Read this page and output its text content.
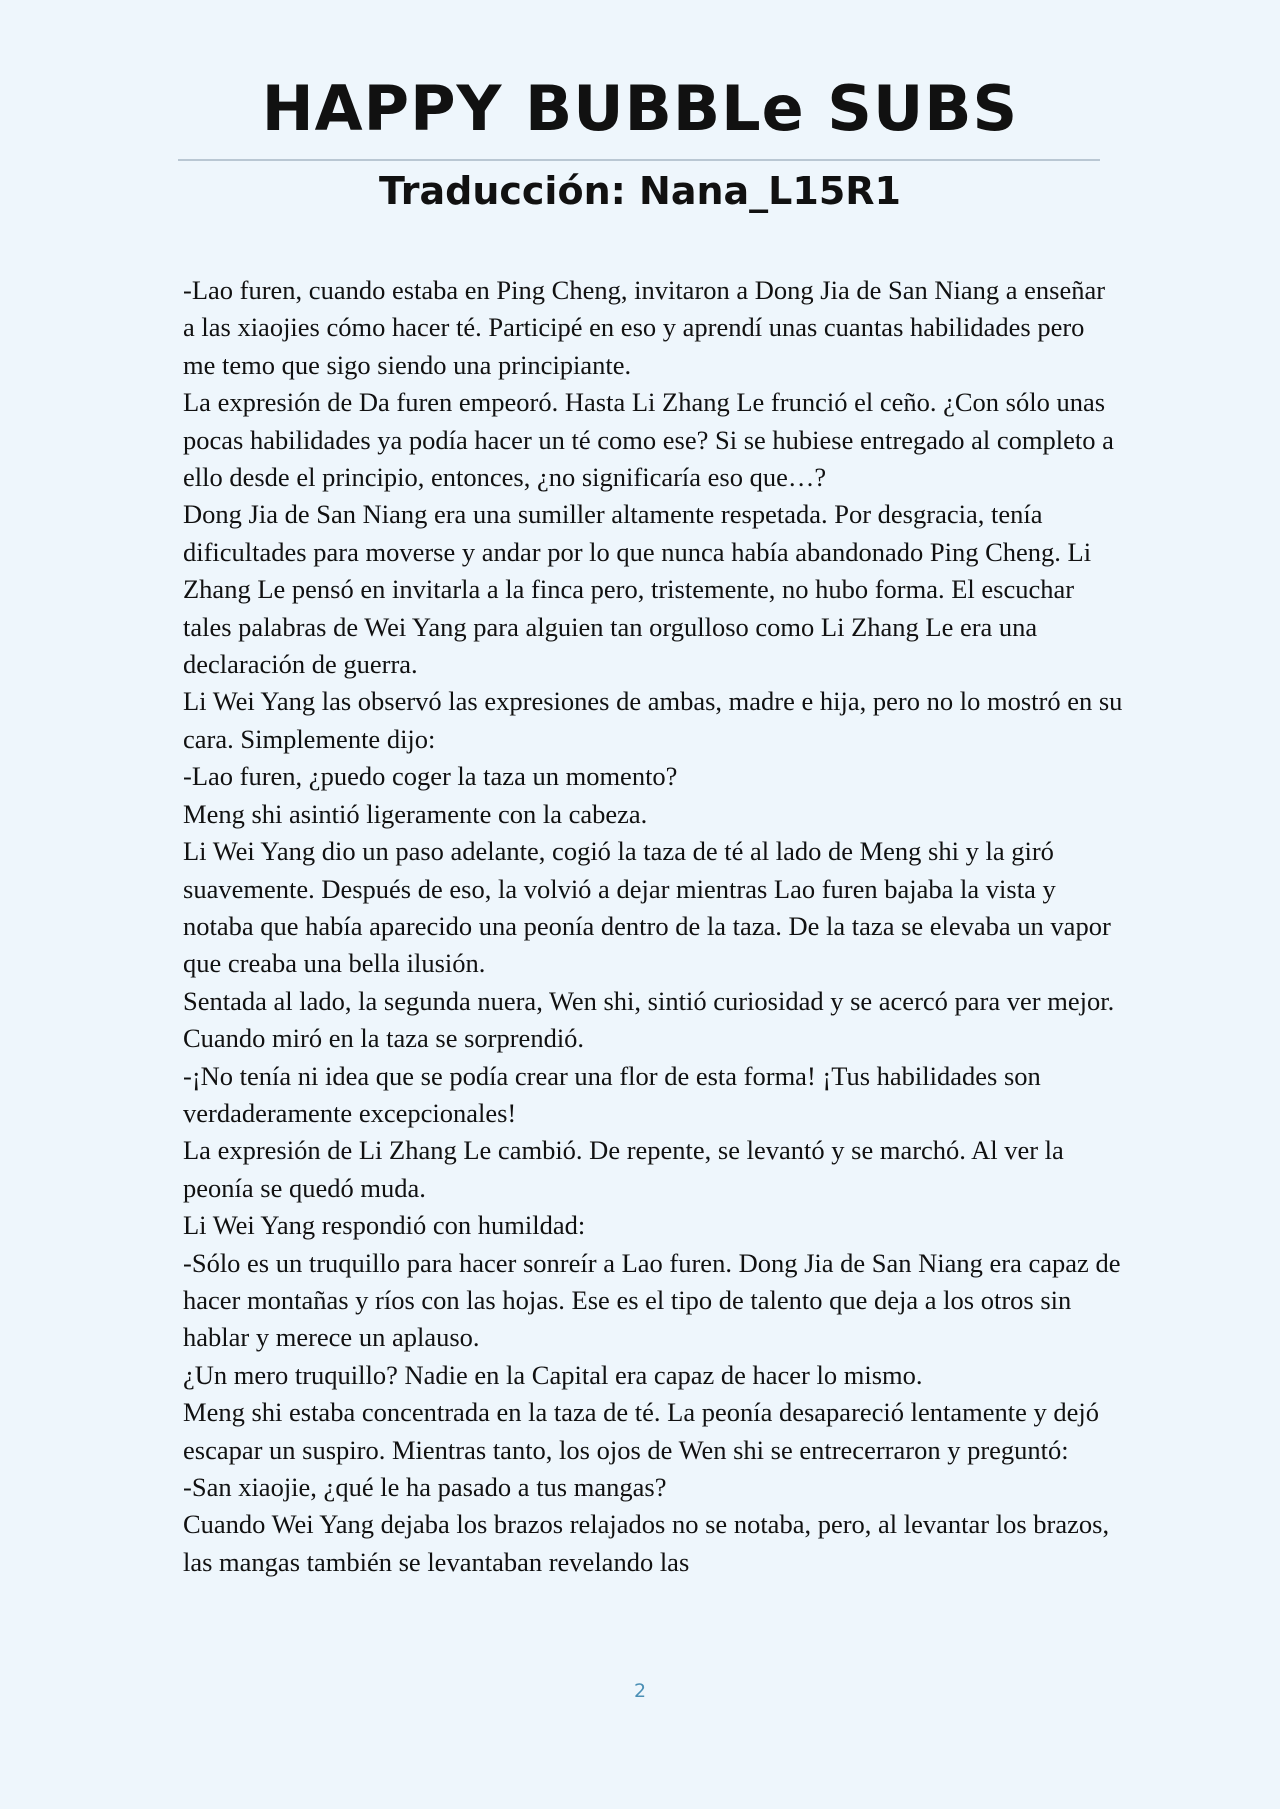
HAPPY BUBBLe SUBS
Traducción: Nana_L15R1

-Lao furen, cuando estaba en Ping Cheng, invitaron a Dong Jia de San Niang a enseñar a las xiaojies cómo hacer té. Participé en eso y aprendí unas cuantas habilidades pero me temo que sigo siendo una principiante.

La expresión de Da furen empeoró. Hasta Li Zhang Le frunció el ceño. ¿Con sólo unas pocas habilidades ya podía hacer un té como ese? Si se hubiese entregado al completo a ello desde el principio, entonces, ¿no significaría eso que…?

Dong Jia de San Niang era una sumiller altamente respetada. Por desgracia, tenía dificultades para moverse y andar por lo que nunca había abandonado Ping Cheng. Li Zhang Le pensó en invitarla a la finca pero, tristemente, no hubo forma. El escuchar tales palabras de Wei Yang para alguien tan orgulloso como Li Zhang Le era una declaración de guerra.

Li Wei Yang las observó las expresiones de ambas, madre e hija, pero no lo mostró en su cara. Simplemente dijo:

-Lao furen, ¿puedo coger la taza un momento?

Meng shi asintió ligeramente con la cabeza.

Li Wei Yang dio un paso adelante, cogió la taza de té al lado de Meng shi y la giró suavemente. Después de eso, la volvió a dejar mientras Lao furen bajaba la vista y notaba que había aparecido una peonía dentro de la taza. De la taza se elevaba un vapor que creaba una bella ilusión.

Sentada al lado, la segunda nuera, Wen shi, sintió curiosidad y se acercó para ver mejor. Cuando miró en la taza se sorprendió.

-¡No tenía ni idea que se podía crear una flor de esta forma! ¡Tus habilidades son verdaderamente excepcionales!

La expresión de Li Zhang Le cambió. De repente, se levantó y se marchó. Al ver la peonía se quedó muda.

Li Wei Yang respondió con humildad:

-Sólo es un truquillo para hacer sonreír a Lao furen. Dong Jia de San Niang era capaz de hacer montañas y ríos con las hojas. Ese es el tipo de talento que deja a los otros sin hablar y merece un aplauso.

¿Un mero truquillo? Nadie en la Capital era capaz de hacer lo mismo.

Meng shi estaba concentrada en la taza de té. La peonía desapareció lentamente y dejó escapar un suspiro. Mientras tanto, los ojos de Wen shi se entrecerraron y preguntó:

-San xiaojie, ¿qué le ha pasado a tus mangas?

Cuando Wei Yang dejaba los brazos relajados no se notaba, pero, al levantar los brazos, las mangas también se levantaban revelando las

2
